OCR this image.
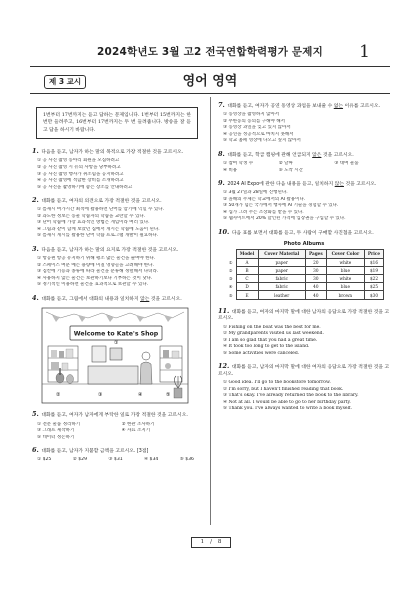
2024학년도 3월 고2 전국연합학력평가 문제지	1
제 3 교시	영어 영역
1번부터 17번까지는 듣고 답하는 문제입니다. 1번부터 15번까지는 한 번만 들려주고, 16번부터 17번까지는 두 번 들려줍니다. 방송을 잘 듣고 답을 하시기 바랍니다.
1. 다음을 듣고, 남자가 하는 말의 목적으로 가장 적절한 것을 고르시오.
① 공 사진 촬영 동아리 회원을 모집하려고
② 공 사진 촬영 시 유의 사항을 당부하려고
③ 공 사진 촬영 행사가 취소됨을 공지하려고
④ 공 사진 촬영에 적합한 장비를 소개하려고
⑤ 공 사진을 촬영하기에 좋은 장소를 안내하려고
2. 대화를 듣고, 여자의 의견으로 가장 적절한 것을 고르시오.
① 틈새시 여가시간 최적에 활용하면 단어를 암기에 익힐 수 있다.
② 과도한 정보는 동물 학습자의 학습을 교란할 수 있다.
③ 단어 학습에 가장 효과적인 방법은 게임이라 여러 있다.
④ 그림과 같이 함께 보았던 집에서 게시는 학습에 도움이 된다.
⑤ 틈새시 게시를 활용한 단어 학습 프로그램 개발이 필요하다.
3. 다음을 듣고, 남자가 하는 말의 요지로 가장 적절한 것을 고르시오.
① 항공편 항공 유지하기 위해 평소 많은 물건을 줄여야 한다.
② 스페이스 여분 예는 용량에 미칠 영향들을 고려해야 한다.
③ 짐칸에 기능과 종류에 따라 물건을 분류해 정렬해서 다녀라.
④ 사용하지 않는 물건은 보관하기보다 기부하는 것이 낫다.
⑤ 정기적인 이용하면 물건을 효과적으로 보관할 수 있다.
4. 대화를 듣고, 그림에서 대화의 내용과 일치하지 않는 것을 고르시오.
Welcome to Kate's Shop
①
②	③	④	⑤
5. 대화를 듣고, 여자가 남자에게 부탁한 일로 가장 적절한 것을 고르시오.
① 전문 물품 정리하기	② 현관 조사하기
③ 그래프 제작하기	④ 자료 소지기
⑤ 데이터 정돈하기
6. 대화를 듣고, 남자가 지불할 금액을 고르시오. [3점]
① $25	② $29	③ $31	④ $34	⑤ $36
7. 대화를 듣고, 여자가 공연 동영상 과업을 보내줄 수 없는 이유를 고르시오.
① 동영상을 촬영하지 않아서
② 무한동의 동의를 구해야 해서
③ 동영상 과일을 잊고 있지 않아서
④ 공연을 성공적으로 마치지 못해서
⑤ 학교 홈페 영상에 나오고 싶지 않아서
8. 대화를 듣고, 학급 캠핑에 관해 언급되지 않은 것을 고르시오.
① 참여 학생 수	② 날짜	③ 대여 물품
④ 비용	⑤ 도착 시간
9. 2024 AI Expo에 관한 다음 내용을 듣고, 일치하지 않는 것을 고르시오.
① 3월 27일과 28일에 진행된다.
② 올해의 주제는 학교에서의 AI 활용이다.
③ 50개가 넘는 국가에서 행사에 AI 기술을 경험할 수 있다.
④ 십가 그려 주는 조상화를 받을 수 있다.
⑤ 웹사이트에서 20% 할인된 가격에 입장권을 구입할 수 있다.
10. 다음 표를 보면서 대화를 듣고, 두 사람이 구매할 사진첩을 고르시오.
Photo Albums
	Model	Cover Material	Pages	Cover Color	Price
①	A	paper	20	white	$16
②	B	paper	30	blue	$19
③	C	fabric	30	white	$22
④	D	fabric	40	blue	$25
⑤	E	leather	40	brown	$30
11. 대화를 듣고, 여자의 마지막 말에 대한 남자의 응답으로 가장 적절한 것을 고르시오.
① Fishing on the boat was the best for me.
② My grandparents visited us last weekend.
③ I am so glad that you had a great time.
④ It took too long to get to the island.
⑤ Some activities were canceled.
12. 대화를 듣고, 남자의 마지막 말에 대한 여자의 응답으로 가장 적절한 것을 고르시오.
① Good idea. I'll go to the bookstore tomorrow.
② I'm sorry, but I haven't finished reading that book.
③ That's okay. I've already returned the book to the library.
④ Not at all. I would be able to go to her birthday party.
⑤ Thank you. I've always wanted to write a book myself.
1 / 8
